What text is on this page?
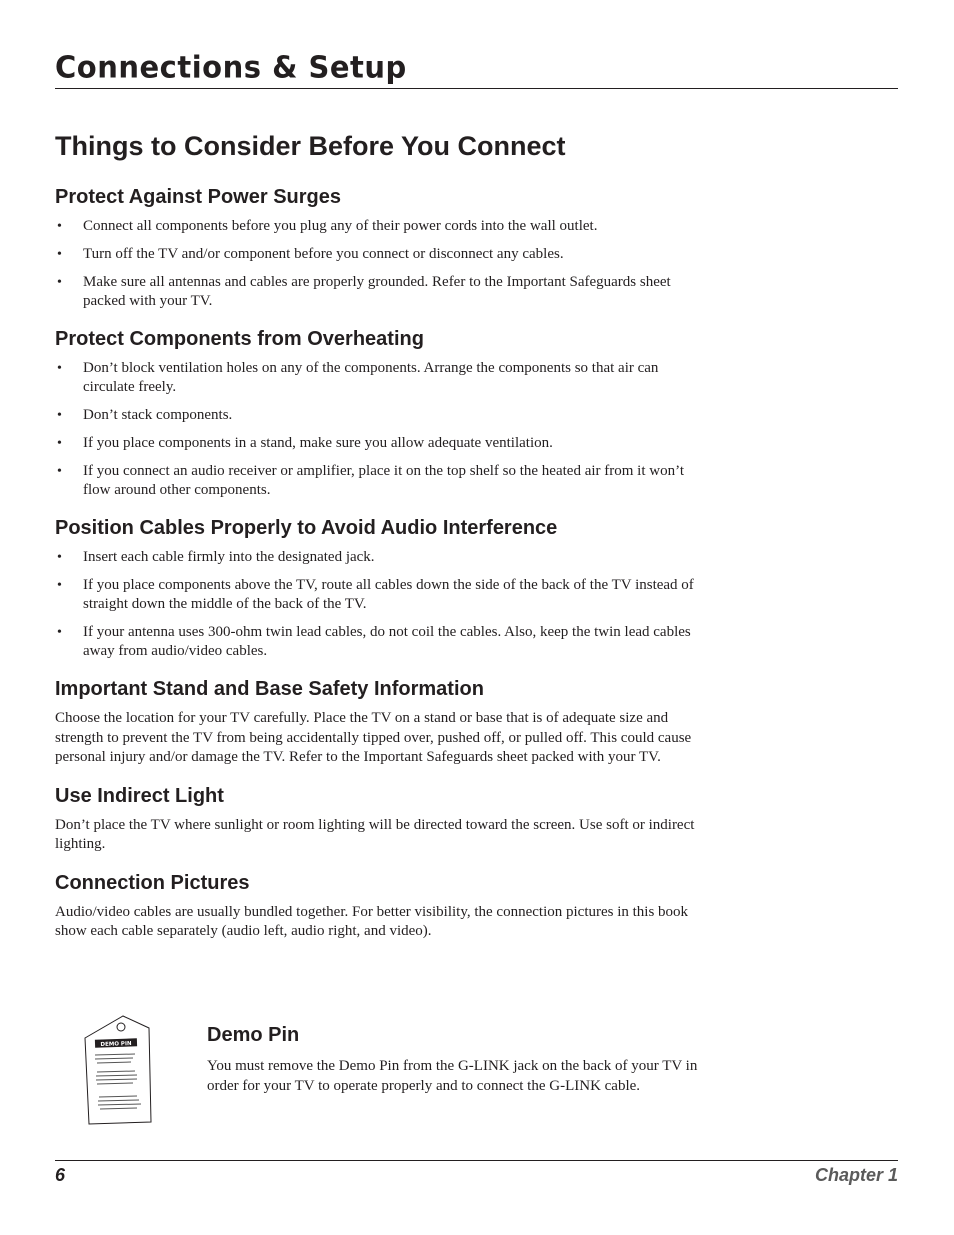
Connections & Setup
Things to Consider Before You Connect
Protect Against Power Surges
• Connect all components before you plug any of their power cords into the wall outlet.
• Turn off the TV and/or component before you connect or disconnect any cables.
• Make sure all antennas and cables are properly grounded. Refer to the Important Safeguards sheet packed with your TV.
Protect Components from Overheating
• Don’t block ventilation holes on any of the components. Arrange the components so that air can circulate freely.
• Don’t stack components.
• If you place components in a stand, make sure you allow adequate ventilation.
• If you connect an audio receiver or amplifier, place it on the top shelf so the heated air from it won’t flow around other components.
Position Cables Properly to Avoid Audio Interference
• Insert each cable firmly into the designated jack.
• If you place components above the TV, route all cables down the side of the back of the TV instead of straight down the middle of the back of the TV.
• If your antenna uses 300-ohm twin lead cables, do not coil the cables. Also, keep the twin lead cables away from audio/video cables.
Important Stand and Base Safety Information

Choose the location for your TV carefully. Place the TV on a stand or base that is of adequate size and strength to prevent the TV from being accidentally tipped over, pushed off, or pulled off. This could cause personal injury and/or damage the TV. Refer to the Important Safeguards sheet packed with your TV.

Use Indirect Light

Don’t place the TV where sunlight or room lighting will be directed toward the screen. Use soft or indirect lighting.

Connection Pictures

Audio/video cables are usually bundled together. For better visibility, the connection pictures in this book show each cable separately (audio left, audio right, and video).

DEMO PIN	Demo Pin

You must remove the Demo Pin from the G-LINK jack on the back of your TV in order for your TV to operate properly and to connect the G-LINK cable.

6	Chapter 1
